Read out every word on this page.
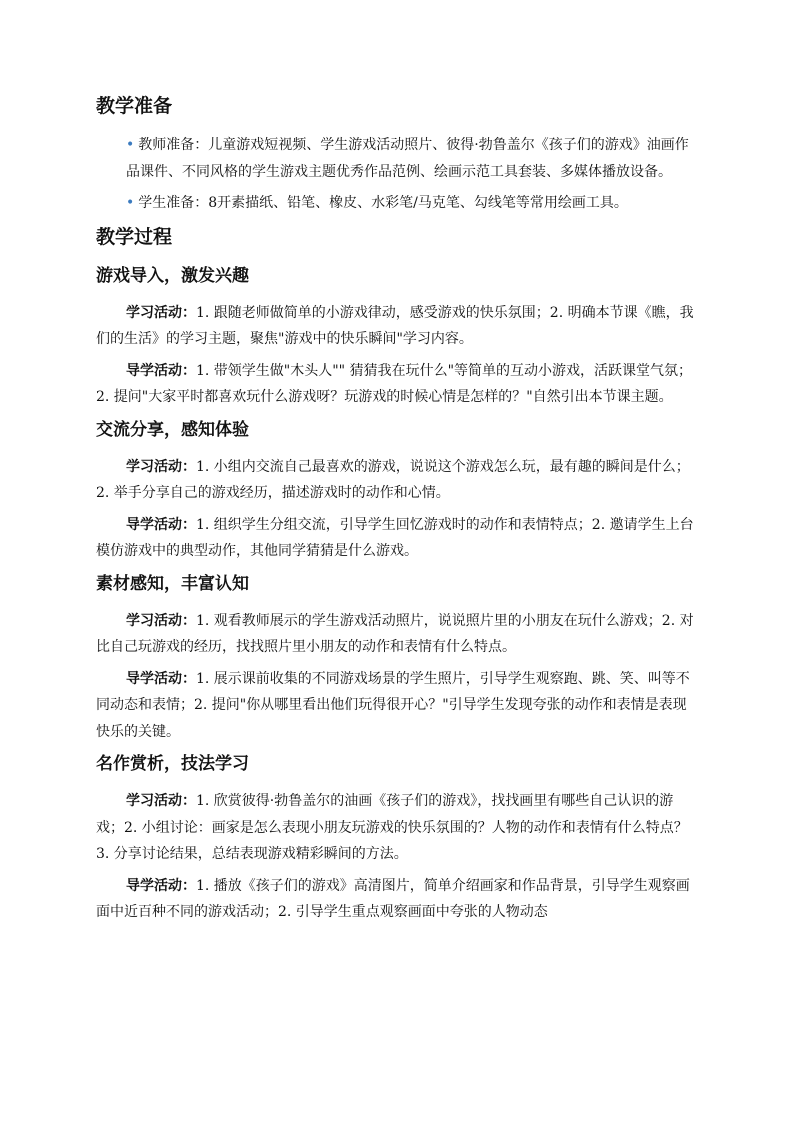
教学准备

• 教师准备：儿童游戏短视频、学生游戏活动照片、彼得·勃鲁盖尔《孩子们的游戏》油画作品课件、不同风格的学生游戏主题优秀作品范例、绘画示范工具套装、多媒体播放设备。

• 学生准备：8开素描纸、铅笔、橡皮、水彩笔/马克笔、勾线笔等常用绘画工具。

教学过程
游戏导入，激发兴趣

学习活动：1. 跟随老师做简单的小游戏律动，感受游戏的快乐氛围；2. 明确本节课《瞧，我们的生活》的学习主题，聚焦"游戏中的快乐瞬间"学习内容。

导学活动：1. 带领学生做"木头人"" 猜猜我在玩什么"等简单的互动小游戏，活跃课堂气氛；2. 提问"大家平时都喜欢玩什么游戏呀？玩游戏的时候心情是怎样的？"自然引出本节课主题。

交流分享，感知体验

学习活动：1. 小组内交流自己最喜欢的游戏，说说这个游戏怎么玩，最有趣的瞬间是什么；2. 举手分享自己的游戏经历，描述游戏时的动作和心情。

导学活动：1. 组织学生分组交流，引导学生回忆游戏时的动作和表情特点；2. 邀请学生上台模仿游戏中的典型动作，其他同学猜猜是什么游戏。

素材感知，丰富认知

学习活动：1. 观看教师展示的学生游戏活动照片，说说照片里的小朋友在玩什么游戏；2. 对比自己玩游戏的经历，找找照片里小朋友的动作和表情有什么特点。

导学活动：1. 展示课前收集的不同游戏场景的学生照片，引导学生观察跑、跳、笑、叫等不同动态和表情；2. 提问"你从哪里看出他们玩得很开心？"引导学生发现夸张的动作和表情是表现快乐的关键。

名作赏析，技法学习

学习活动：1. 欣赏彼得·勃鲁盖尔的油画《孩子们的游戏》，找找画里有哪些自己认识的游戏；2. 小组讨论：画家是怎么表现小朋友玩游戏的快乐氛围的？人物的动作和表情有什么特点？3. 分享讨论结果，总结表现游戏精彩瞬间的方法。

导学活动：1. 播放《孩子们的游戏》高清图片，简单介绍画家和作品背景，引导学生观察画面中近百种不同的游戏活动；2. 引导学生重点观察画面中夸张的人物动态
